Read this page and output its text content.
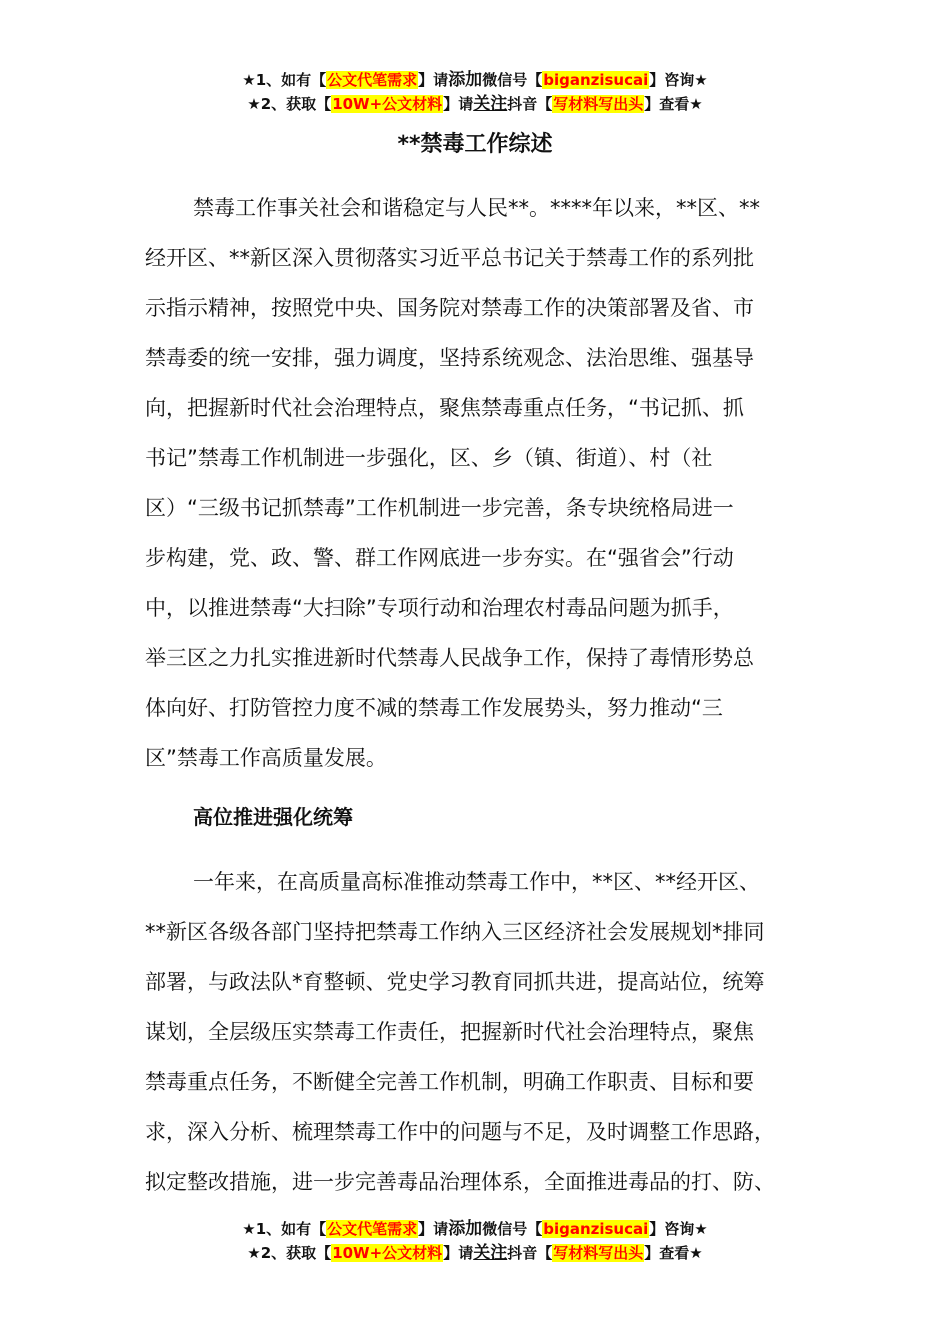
★1、如有【公文代笔需求】请添加微信号【biganzisucai】咨询★
★2、获取【10W+公文材料】请关注抖音【写材料写出头】查看★
**禁毒工作综述
禁毒工作事关社会和谐稳定与人民**。****年以来，**区、**
经开区、**新区深入贯彻落实习近平总书记关于禁毒工作的系列批
示指示精神，按照党中央、国务院对禁毒工作的决策部署及省、市
禁毒委的统一安排，强力调度，坚持系统观念、法治思维、强基导
向，把握新时代社会治理特点，聚焦禁毒重点任务，“书记抓、抓
书记”禁毒工作机制进一步强化，区、乡（镇、街道）、村（社
区）“三级书记抓禁毒”工作机制进一步完善，条专块统格局进一
步构建，党、政、警、群工作网底进一步夯实。在“强省会”行动
中，以推进禁毒“大扫除”专项行动和治理农村毒品问题为抓手，
举三区之力扎实推进新时代禁毒人民战争工作，保持了毒情形势总
体向好、打防管控力度不减的禁毒工作发展势头，努力推动“三
区”禁毒工作高质量发展。
高位推进强化统筹
一年来，在高质量高标准推动禁毒工作中，**区、**经开区、
**新区各级各部门坚持把禁毒工作纳入三区经济社会发展规划*排同
部署，与政法队*育整顿、党史学习教育同抓共进，提高站位，统筹
谋划，全层级压实禁毒工作责任，把握新时代社会治理特点，聚焦
禁毒重点任务，不断健全完善工作机制，明确工作职责、目标和要
求，深入分析、梳理禁毒工作中的问题与不足，及时调整工作思路，
拟定整改措施，进一步完善毒品治理体系，全面推进毒品的打、防、
★1、如有【公文代笔需求】请添加微信号【biganzisucai】咨询★
★2、获取【10W+公文材料】请关注抖音【写材料写出头】查看★
